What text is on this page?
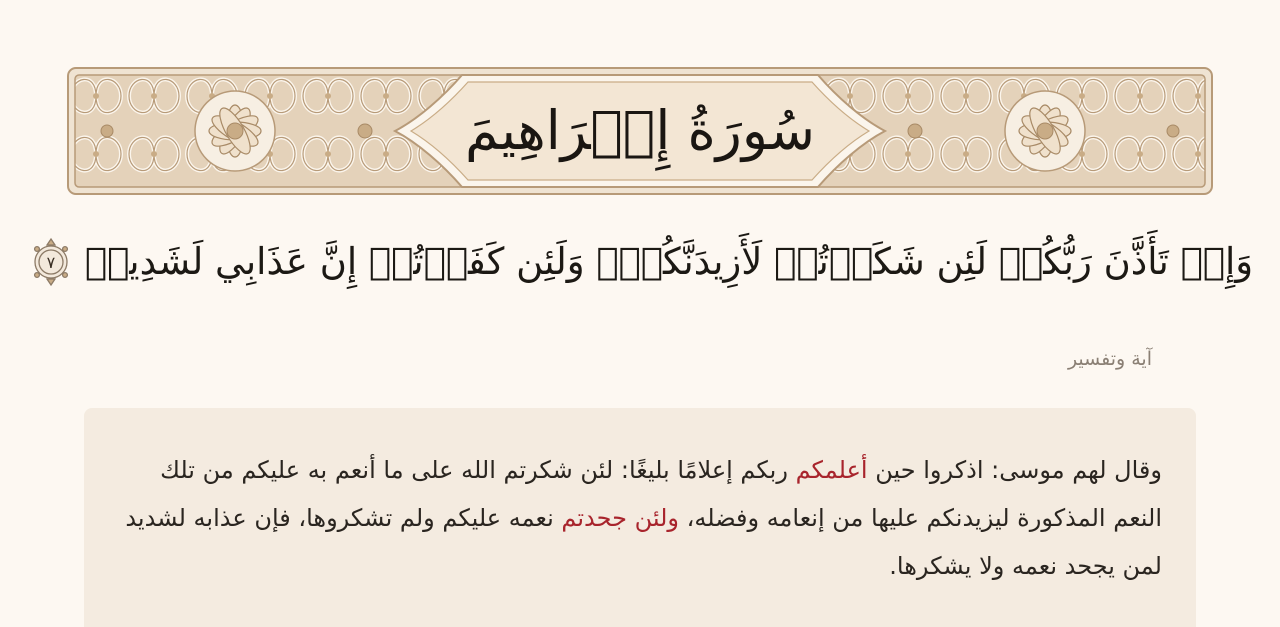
سُورَةُ إِبۡرَاهِيمَ
وَإِذۡ تَأَذَّنَ رَبُّكُمۡ لَئِن شَكَرۡتُمۡ لَأَزِيدَنَّكُمۡۖ وَلَئِن كَفَرۡتُمۡ إِنَّ عَذَابِي لَشَدِيدٞ
٧
آية وتفسير
وقال لهم موسى: اذكروا حين أعلمكم ربكم إعلامًا بليغًا: لئن شكرتم الله على ما أنعم به عليكم من تلك النعم المذكورة ليزيدنكم عليها من إنعامه وفضله، ولئن جحدتم نعمه عليكم ولم تشكروها، فإن عذابه لشديد لمن يجحد نعمه ولا يشكرها.
